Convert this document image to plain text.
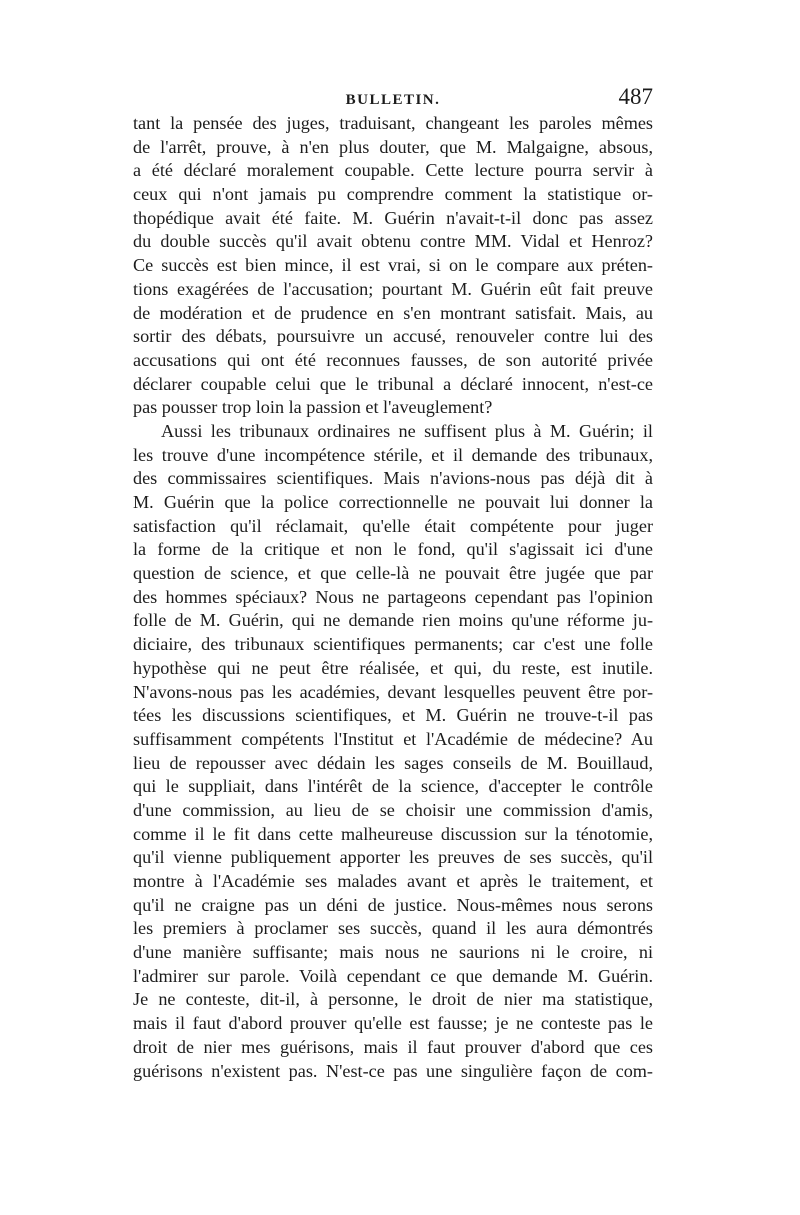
BULLETIN.	487
tant la pensée des juges, traduisant, changeant les paroles mêmes
de l'arrêt, prouve, à n'en plus douter, que M. Malgaigne, absous,
a été déclaré moralement coupable. Cette lecture pourra servir à
ceux qui n'ont jamais pu comprendre comment la statistique or-
thopédique avait été faite. M. Guérin n'avait-t-il donc pas assez
du double succès qu'il avait obtenu contre MM. Vidal et Henroz?
Ce succès est bien mince, il est vrai, si on le compare aux préten-
tions exagérées de l'accusation; pourtant M. Guérin eût fait preuve
de modération et de prudence en s'en montrant satisfait. Mais, au
sortir des débats, poursuivre un accusé, renouveler contre lui des
accusations qui ont été reconnues fausses, de son autorité privée
déclarer coupable celui que le tribunal a déclaré innocent, n'est-ce
pas pousser trop loin la passion et l'aveuglement?
Aussi les tribunaux ordinaires ne suffisent plus à M. Guérin; il
les trouve d'une incompétence stérile, et il demande des tribunaux,
des commissaires scientifiques. Mais n'avions-nous pas déjà dit à
M. Guérin que la police correctionnelle ne pouvait lui donner la
satisfaction qu'il réclamait, qu'elle était compétente pour juger
la forme de la critique et non le fond, qu'il s'agissait ici d'une
question de science, et que celle-là ne pouvait être jugée que par
des hommes spéciaux? Nous ne partageons cependant pas l'opinion
folle de M. Guérin, qui ne demande rien moins qu'une réforme ju-
diciaire, des tribunaux scientifiques permanents; car c'est une folle
hypothèse qui ne peut être réalisée, et qui, du reste, est inutile.
N'avons-nous pas les académies, devant lesquelles peuvent être por-
tées les discussions scientifiques, et M. Guérin ne trouve-t-il pas
suffisamment compétents l'Institut et l'Académie de médecine? Au
lieu de repousser avec dédain les sages conseils de M. Bouillaud,
qui le suppliait, dans l'intérêt de la science, d'accepter le contrôle
d'une commission, au lieu de se choisir une commission d'amis,
comme il le fit dans cette malheureuse discussion sur la ténotomie,
qu'il vienne publiquement apporter les preuves de ses succès, qu'il
montre à l'Académie ses malades avant et après le traitement, et
qu'il ne craigne pas un déni de justice. Nous-mêmes nous serons
les premiers à proclamer ses succès, quand il les aura démontrés
d'une manière suffisante; mais nous ne saurions ni le croire, ni
l'admirer sur parole. Voilà cependant ce que demande M. Guérin.
Je ne conteste, dit-il, à personne, le droit de nier ma statistique,
mais il faut d'abord prouver qu'elle est fausse; je ne conteste pas le
droit de nier mes guérisons, mais il faut prouver d'abord que ces
guérisons n'existent pas. N'est-ce pas une singulière façon de com-
